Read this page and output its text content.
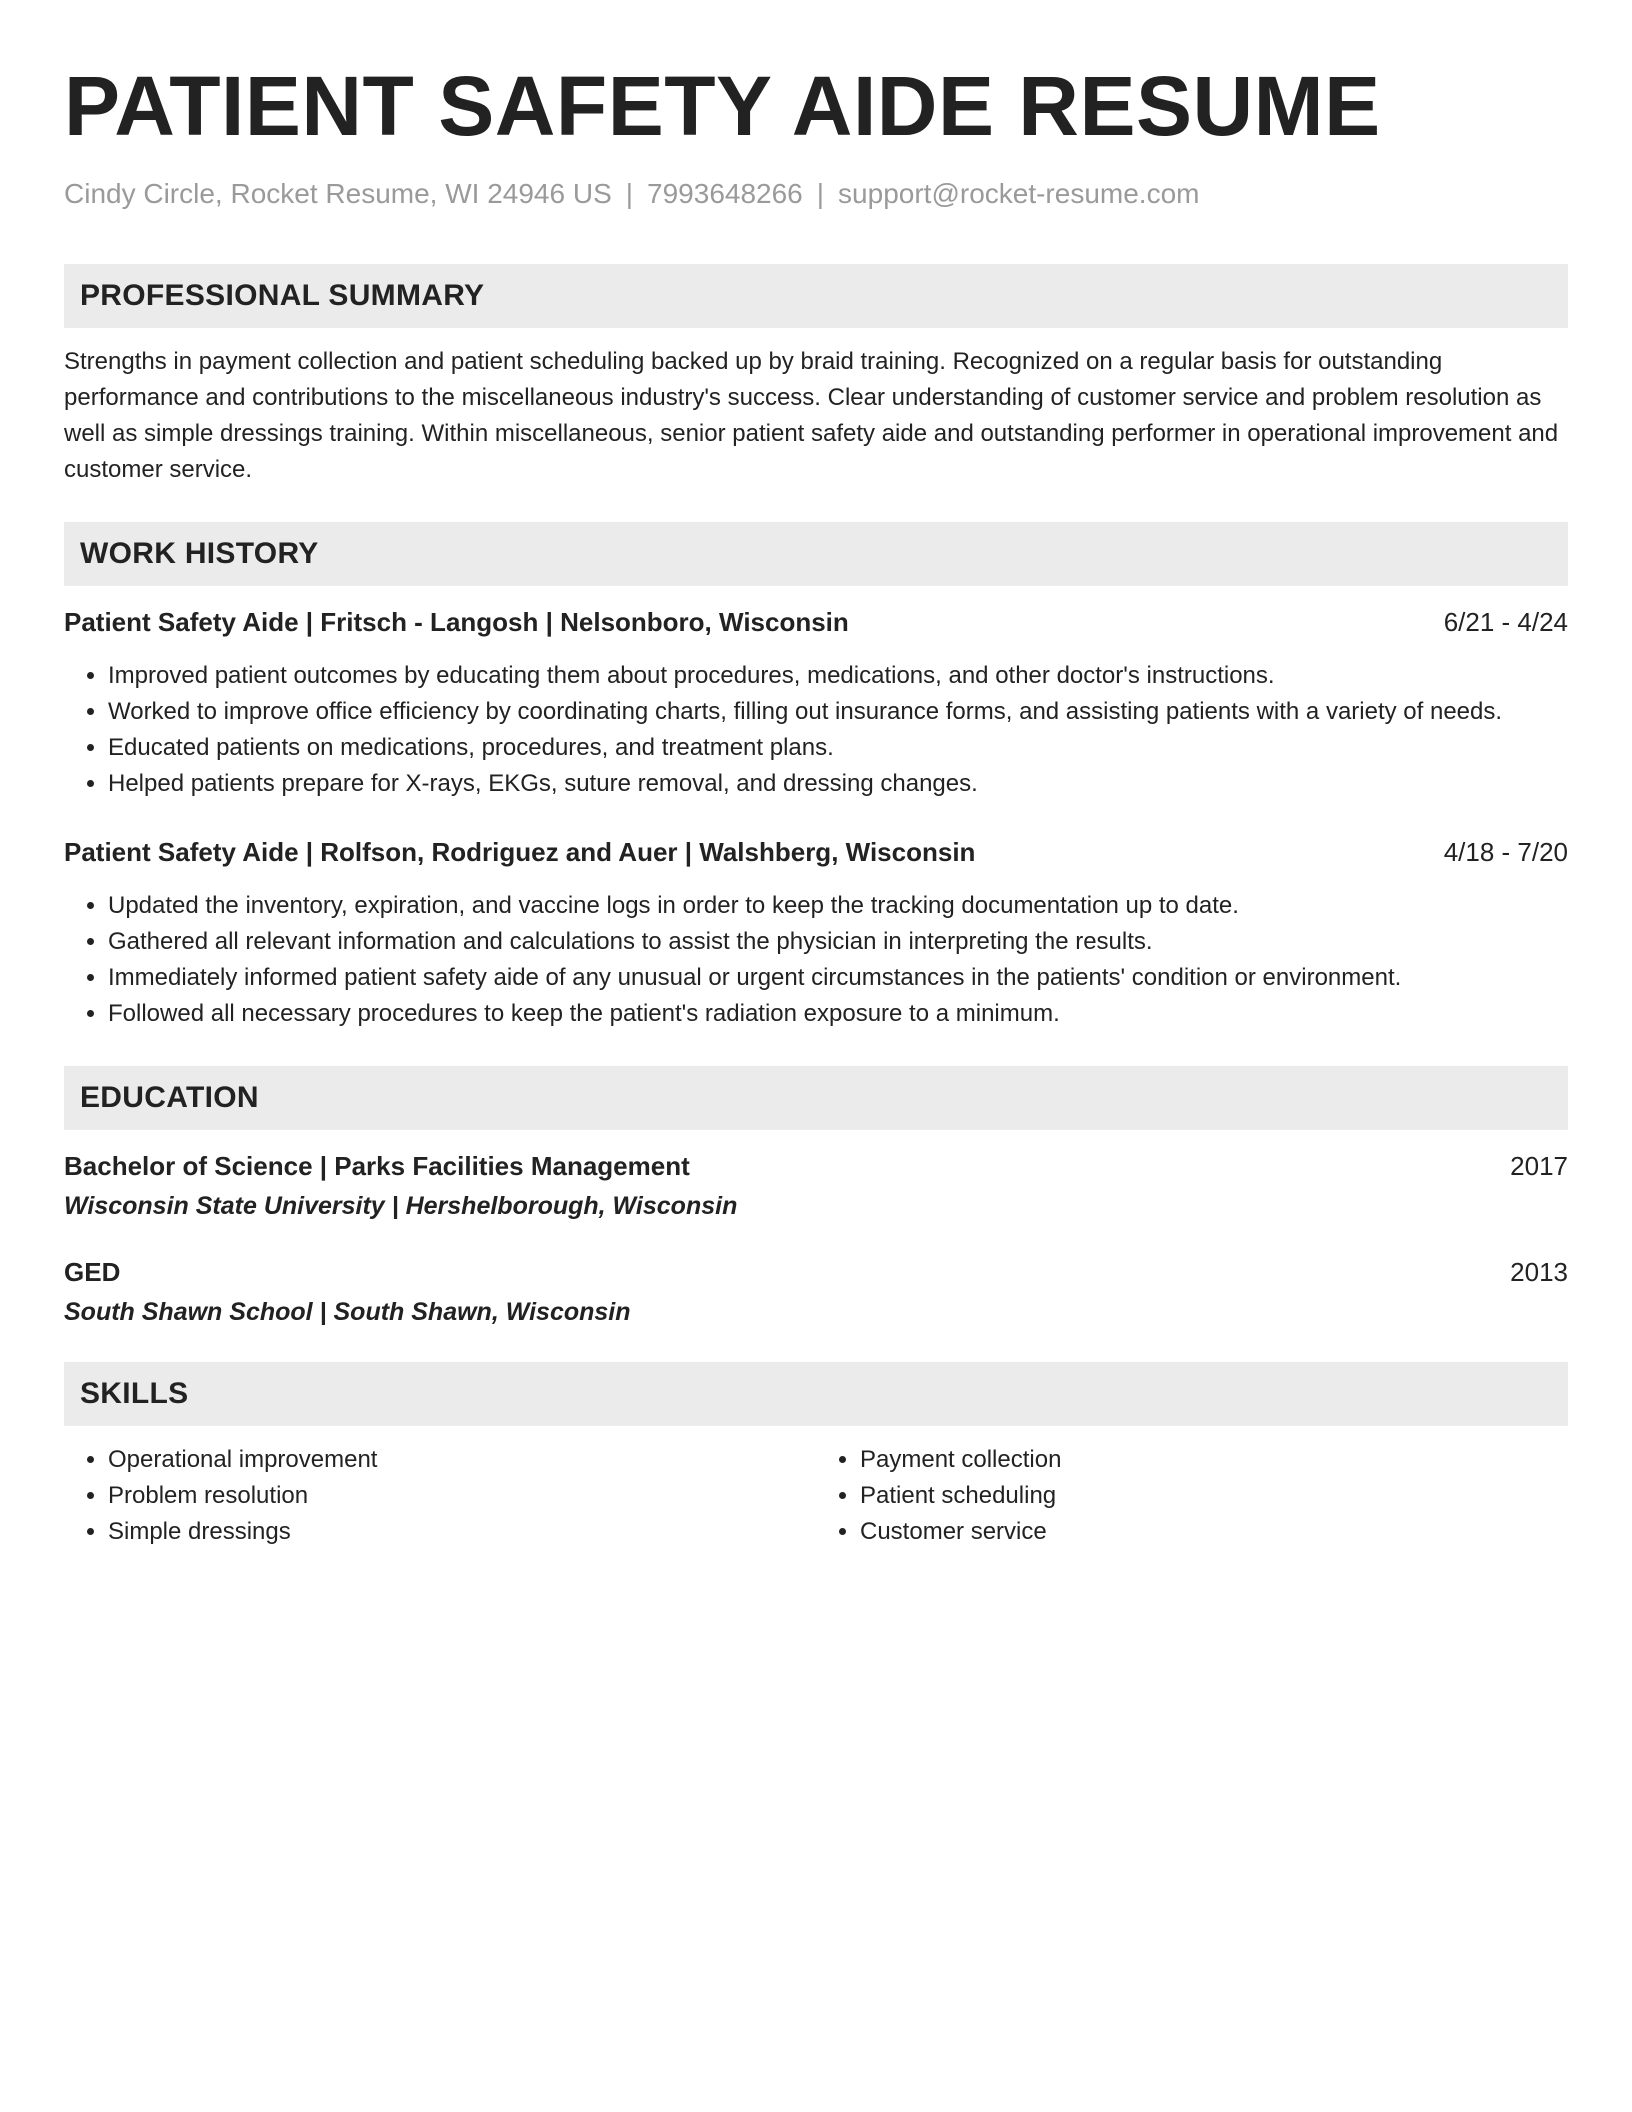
PATIENT SAFETY AIDE RESUME
Cindy Circle, Rocket Resume, WI 24946 US | 7993648266 | support@rocket-resume.com
PROFESSIONAL SUMMARY

Strengths in payment collection and patient scheduling backed up by braid training. Recognized on a regular basis for outstanding performance and contributions to the miscellaneous industry's success. Clear understanding of customer service and problem resolution as well as simple dressings training. Within miscellaneous, senior patient safety aide and outstanding performer in operational improvement and customer service.

WORK HISTORY
Patient Safety Aide | Fritsch - Langosh | Nelsonboro, Wisconsin	6/21 - 4/24
• Improved patient outcomes by educating them about procedures, medications, and other doctor's instructions.
• Worked to improve office efficiency by coordinating charts, filling out insurance forms, and assisting patients with a variety of needs.
• Educated patients on medications, procedures, and treatment plans.
• Helped patients prepare for X-rays, EKGs, suture removal, and dressing changes.
Patient Safety Aide | Rolfson, Rodriguez and Auer | Walshberg, Wisconsin	4/18 - 7/20
• Updated the inventory, expiration, and vaccine logs in order to keep the tracking documentation up to date.
• Gathered all relevant information and calculations to assist the physician in interpreting the results.
• Immediately informed patient safety aide of any unusual or urgent circumstances in the patients' condition or environment.
• Followed all necessary procedures to keep the patient's radiation exposure to a minimum.
EDUCATION
Bachelor of Science | Parks Facilities Management	2017
Wisconsin State University | Hershelborough, Wisconsin
GED	2013
South Shawn School | South Shawn, Wisconsin
SKILLS
• Operational improvement
• Problem resolution
• Simple dressings
• Payment collection
• Patient scheduling
• Customer service
